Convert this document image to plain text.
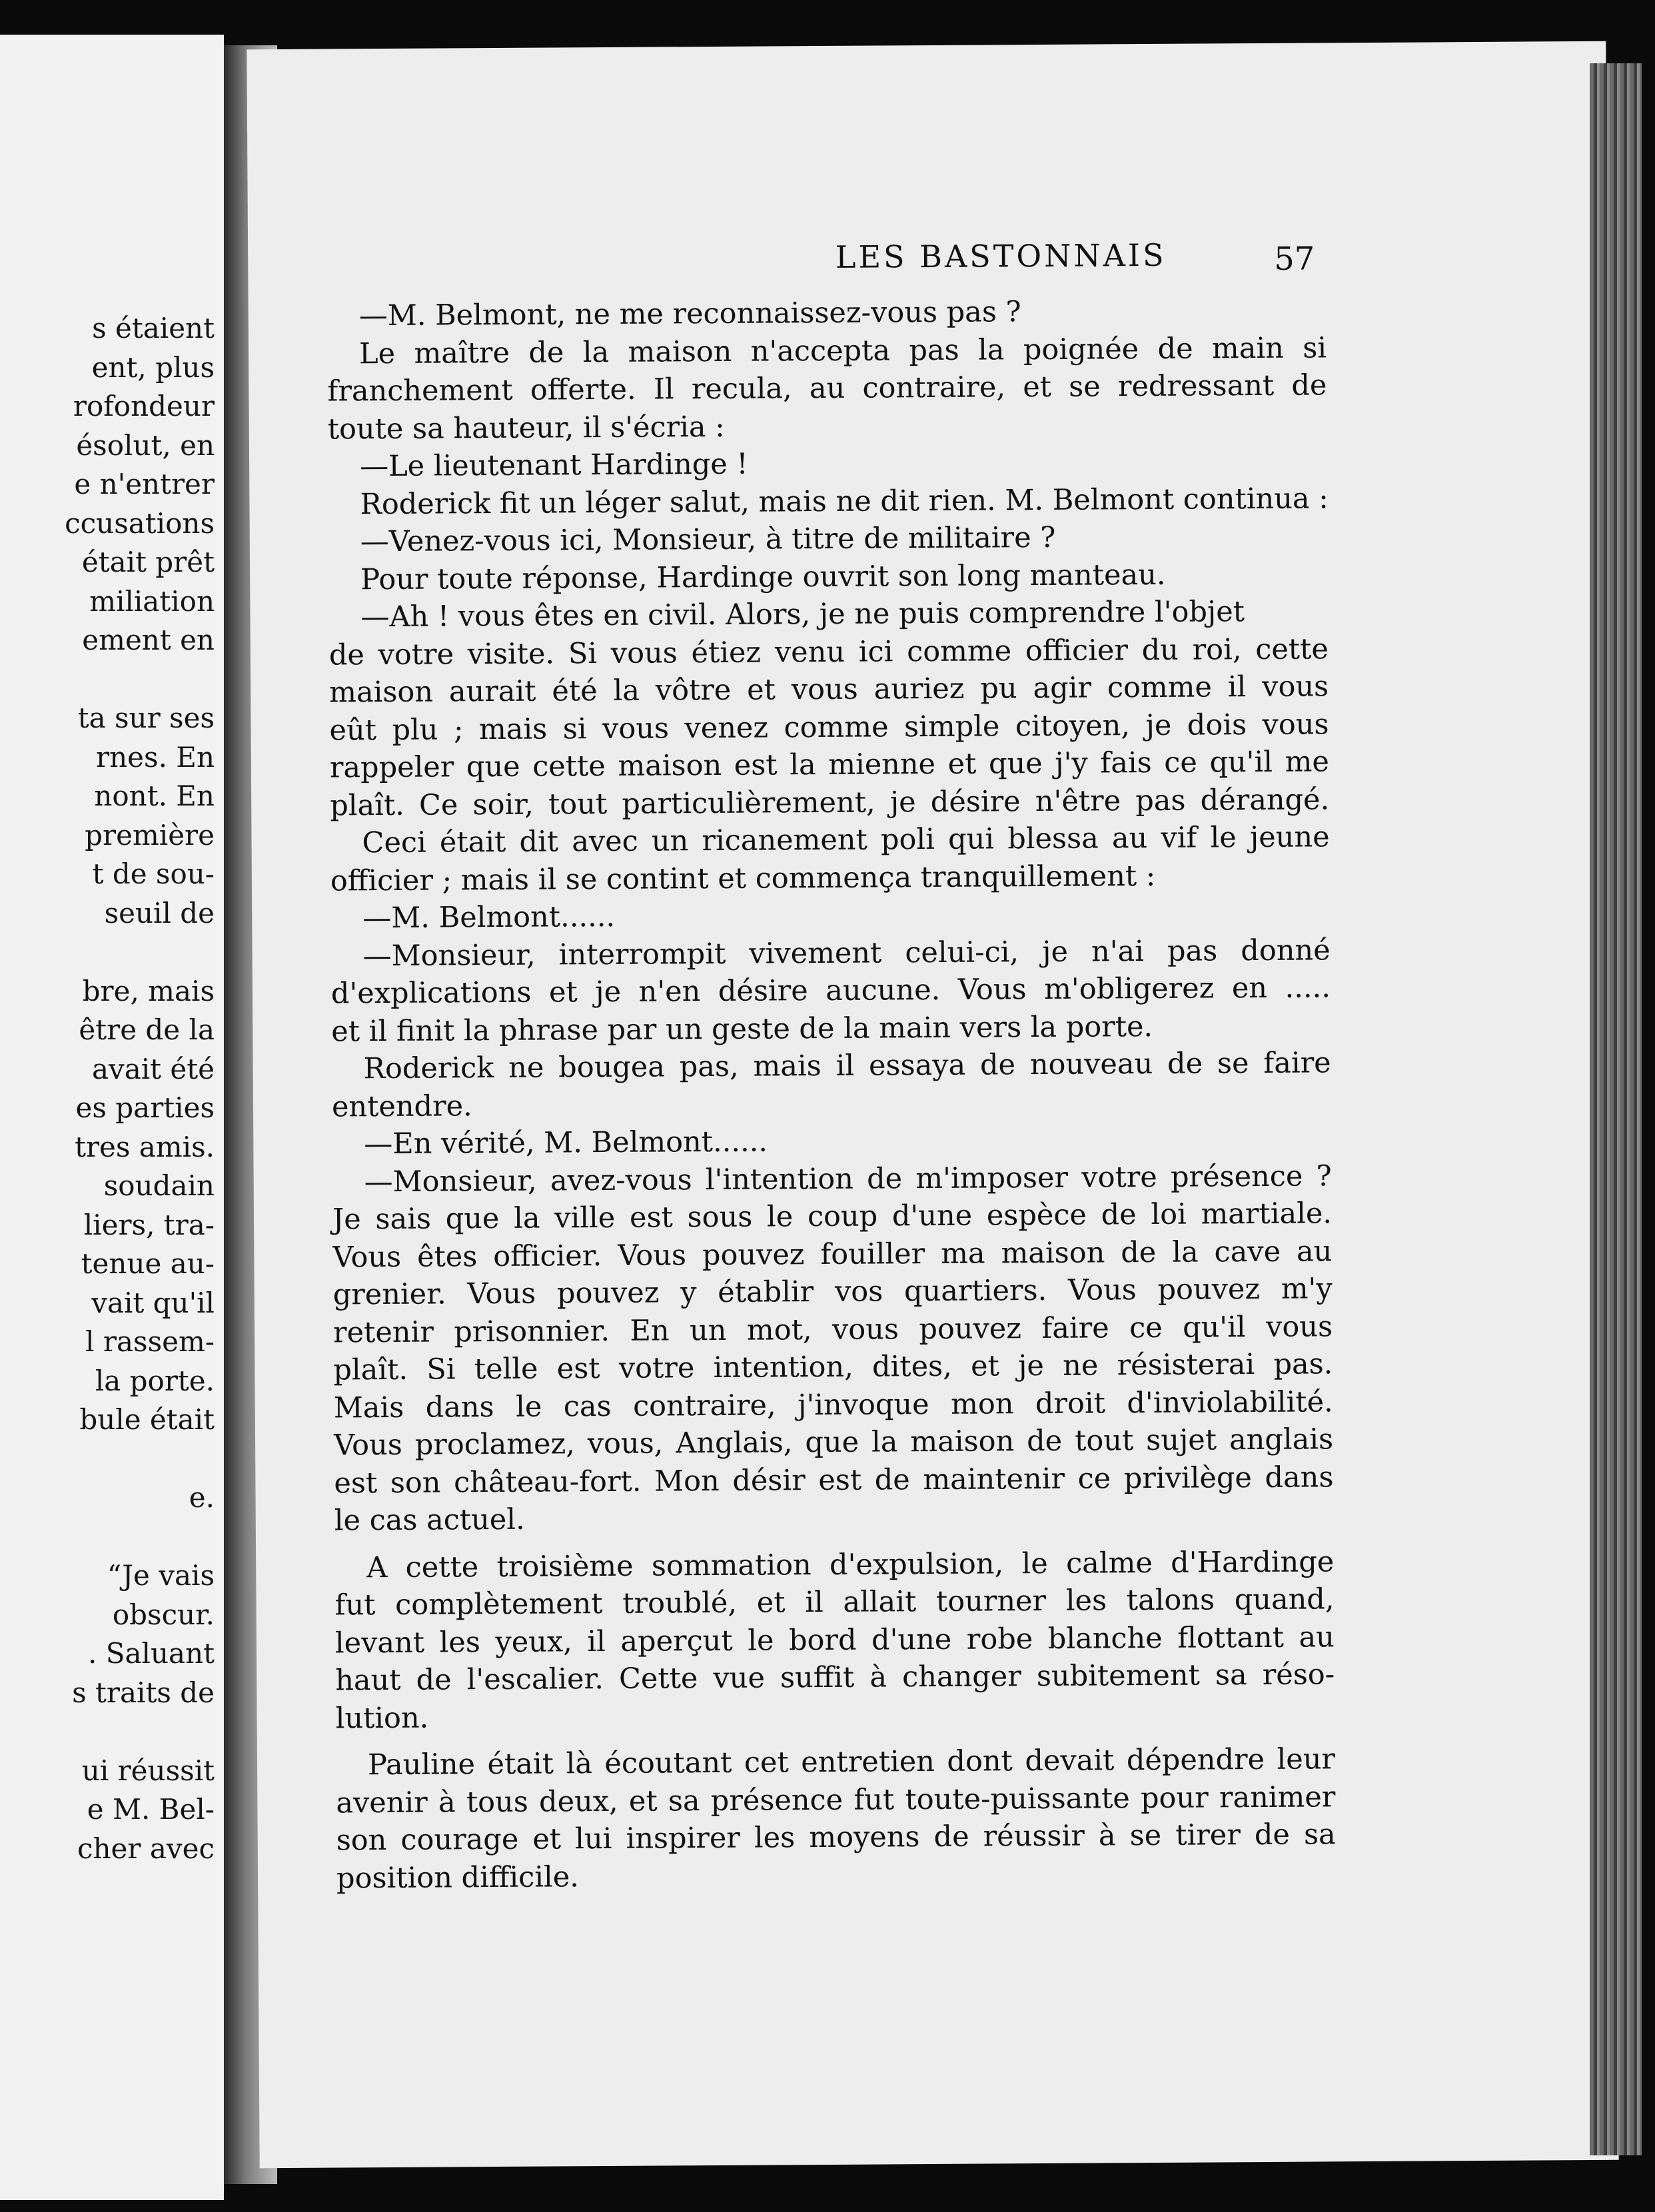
s étaient
ent, plus
rofondeur
ésolut, en
e n'entrer
ccusations
était prêt
miliation
ement en
ta sur ses
rnes. En
nont. En
première
t de sou-
seuil de
bre, mais
être de la
avait été
es parties
tres amis.
soudain
liers, tra-
tenue au-
vait qu'il
l rassem-
la porte.
bule était
e.
“Je vais
obscur.
. Saluant
s traits de
ui réussit
e M. Bel-
cher avec
LES BASTONNAIS	57
—M. Belmont, ne me reconnaissez-vous pas ?
Le maître de la maison n'accepta pas la poignée de main si
franchement offerte. Il recula, au contraire, et se redressant de
toute sa hauteur, il s'écria :
—Le lieutenant Hardinge !
Roderick fit un léger salut, mais ne dit rien. M. Belmont continua :
—Venez-vous ici, Monsieur, à titre de militaire ?
Pour toute réponse, Hardinge ouvrit son long manteau.
—Ah ! vous êtes en civil. Alors, je ne puis comprendre l'objet
de votre visite. Si vous étiez venu ici comme officier du roi, cette
maison aurait été la vôtre et vous auriez pu agir comme il vous
eût plu ; mais si vous venez comme simple citoyen, je dois vous
rappeler que cette maison est la mienne et que j'y fais ce qu'il me
plaît. Ce soir, tout particulièrement, je désire n'être pas dérangé.
Ceci était dit avec un ricanement poli qui blessa au vif le jeune
officier ; mais il se contint et commença tranquillement :
—M. Belmont......
—Monsieur, interrompit vivement celui-ci, je n'ai pas donné
d'explications et je n'en désire aucune. Vous m'obligerez en .....
et il finit la phrase par un geste de la main vers la porte.
Roderick ne bougea pas, mais il essaya de nouveau de se faire
entendre.
—En vérité, M. Belmont......
—Monsieur, avez-vous l'intention de m'imposer votre présence ?
Je sais que la ville est sous le coup d'une espèce de loi martiale.
Vous êtes officier. Vous pouvez fouiller ma maison de la cave au
grenier. Vous pouvez y établir vos quartiers. Vous pouvez m'y
retenir prisonnier. En un mot, vous pouvez faire ce qu'il vous
plaît. Si telle est votre intention, dites, et je ne résisterai pas.
Mais dans le cas contraire, j'invoque mon droit d'inviolabilité.
Vous proclamez, vous, Anglais, que la maison de tout sujet anglais
est son château-fort. Mon désir est de maintenir ce privilège dans
le cas actuel.
A cette troisième sommation d'expulsion, le calme d'Hardinge
fut complètement troublé, et il allait tourner les talons quand,
levant les yeux, il aperçut le bord d'une robe blanche flottant au
haut de l'escalier. Cette vue suffit à changer subitement sa réso-
lution.
Pauline était là écoutant cet entretien dont devait dépendre leur
avenir à tous deux, et sa présence fut toute-puissante pour ranimer
son courage et lui inspirer les moyens de réussir à se tirer de sa
position difficile.
